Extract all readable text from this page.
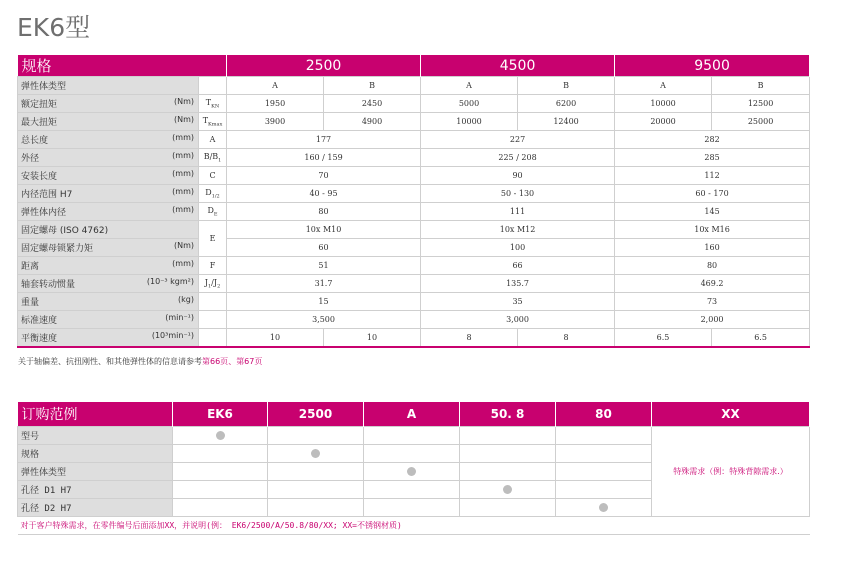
EK6型
规格		2500		4500		9500	
弹性体类型		A	B	A	B	A	B

(Nm)
额定扭矩	$T_{KN}$	1950	2450	5000	6200	10000	12500

(Nm)
最大扭矩	$T_{Kmax}$	3900	4900	10000	12400	20000	25000

(mm)
总长度	A	177		227		282	

(mm)
外径	$B/B_1$	160 / 159		225 / 208		285	

(mm)
安装长度	C	70		90		112	

(mm)
内径范围 H7	$D_{1/2}$	40 - 95		50 - 130		60 - 170	

(mm)
弹性体内径	$D_E$	80		111		145	

固定螺母 (ISO 4762)	E	10x M10		10x M12		10x M16	

(Nm)
固定螺母锁紧力矩		60		100		160	

(mm)
距离	F	51		66		80	

(10⁻³ kgm²)
轴套转动惯量	$J_1/J_2$	31.7		135.7		469.2	

(kg)
重量		15		35		73	

(min⁻¹)
标准速度		3,500		3,000		2,000	

(10³min⁻¹)
平衡速度		10	10	8	8	6.5	6.5
关于轴偏差、抗扭刚性、和其他弹性体的信息请参考第66页、第67页
订购范例	EK6	2500	A	50. 8	80	XX
型号						特殊需求（例：特殊背隙需求.）
规格						
弹性体类型						
孔径 D1 H7						
孔径 D2 H7						
对于客户特殊需求，在零件编号后面添加XX，并说明(例： EK6/2500/A/50.8/80/XX; XX=不锈钢材质)						
